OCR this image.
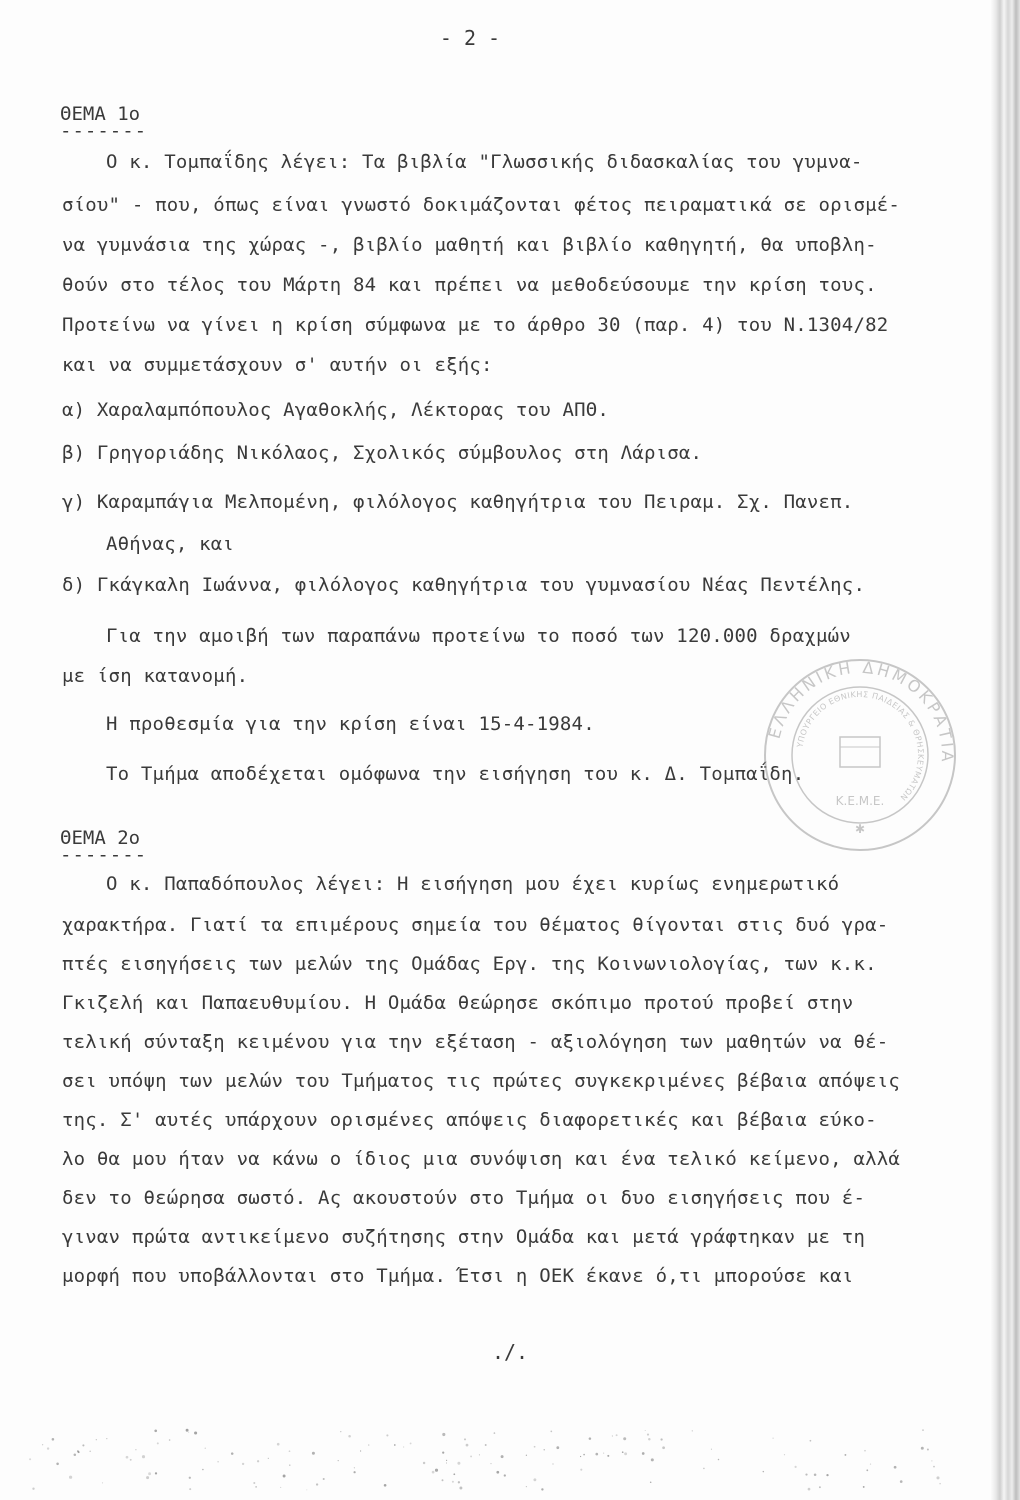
- 2 -
ΘΕΜΑ 1ο
-------
Ο κ. Τομπαΐδης λέγει: Τα βιβλία "Γλωσσικής διδασκαλίας του γυμνα-
σίου" - που, όπως είναι γνωστό δοκιμάζονται φέτος πειραματικά σε ορισμέ-
να γυμνάσια της χώρας -, βιβλίο μαθητή και βιβλίο καθηγητή, θα υποβλη-
θούν στο τέλος του Μάρτη 84 και πρέπει να μεθοδεύσουμε την κρίση τους.
Προτείνω να γίνει η κρίση σύμφωνα με το άρθρο 30 (παρ. 4) του Ν.1304/82
και να συμμετάσχουν σ' αυτήν οι εξής:
α) Χαραλαμπόπουλος Αγαθοκλής, Λέκτορας του ΑΠΘ.
β) Γρηγοριάδης Νικόλαος, Σχολικός σύμβουλος στη Λάρισα.
γ) Καραμπάγια Μελπομένη, φιλόλογος καθηγήτρια του Πειραμ. Σχ. Πανεπ.
Αθήνας, και
δ) Γκάγκαλη Ιωάννα, φιλόλογος καθηγήτρια του γυμνασίου Νέας Πεντέλης.
Για την αμοιβή των παραπάνω προτείνω το ποσό των 120.000 δραχμών
με ίση κατανομή.
Η προθεσμία για την κρίση είναι 15-4-1984.
Το Τμήμα αποδέχεται ομόφωνα την εισήγηση του κ. Δ. Τομπαΐδη.
ΘΕΜΑ 2ο
-------
Ο κ. Παπαδόπουλος λέγει: Η εισήγηση μου έχει κυρίως ενημερωτικό
χαρακτήρα. Γιατί τα επιμέρους σημεία του θέματος θίγονται στις δυό γρα-
πτές εισηγήσεις των μελών της Ομάδας Εργ. της Κοινωνιολογίας, των κ.κ.
Γκιζελή και Παπαευθυμίου. Η Ομάδα θεώρησε σκόπιμο προτού προβεί στην
τελική σύνταξη κειμένου για την εξέταση - αξιολόγηση των μαθητών να θέ-
σει υπόψη των μελών του Τμήματος τις πρώτες συγκεκριμένες βέβαια απόψεις
της. Σ' αυτές υπάρχουν ορισμένες απόψεις διαφορετικές και βέβαια εύκο-
λο θα μου ήταν να κάνω ο ίδιος μια συνόψιση και ένα τελικό κείμενο, αλλά
δεν το θεώρησα σωστό. Ας ακουστούν στο Τμήμα οι δυο εισηγήσεις που έ-
γιναν πρώτα αντικείμενο συζήτησης στην Ομάδα και μετά γράφτηκαν με τη
μορφή που υποβάλλονται στο Τμήμα. Έτσι η ΟΕΚ έκανε ό,τι μπορούσε και
./.
ΕΛΛΗΝΙΚΗ ΔΗΜΟΚΡΑΤΙΑ
ΥΠΟΥΡΓΕΙΟ ΕΘΝΙΚΗΣ ΠΑΙΔΕΙΑΣ & ΘΡΗΣΚΕΥΜΑΤΩΝ
Κ.Ε.Μ.Ε.
✱
